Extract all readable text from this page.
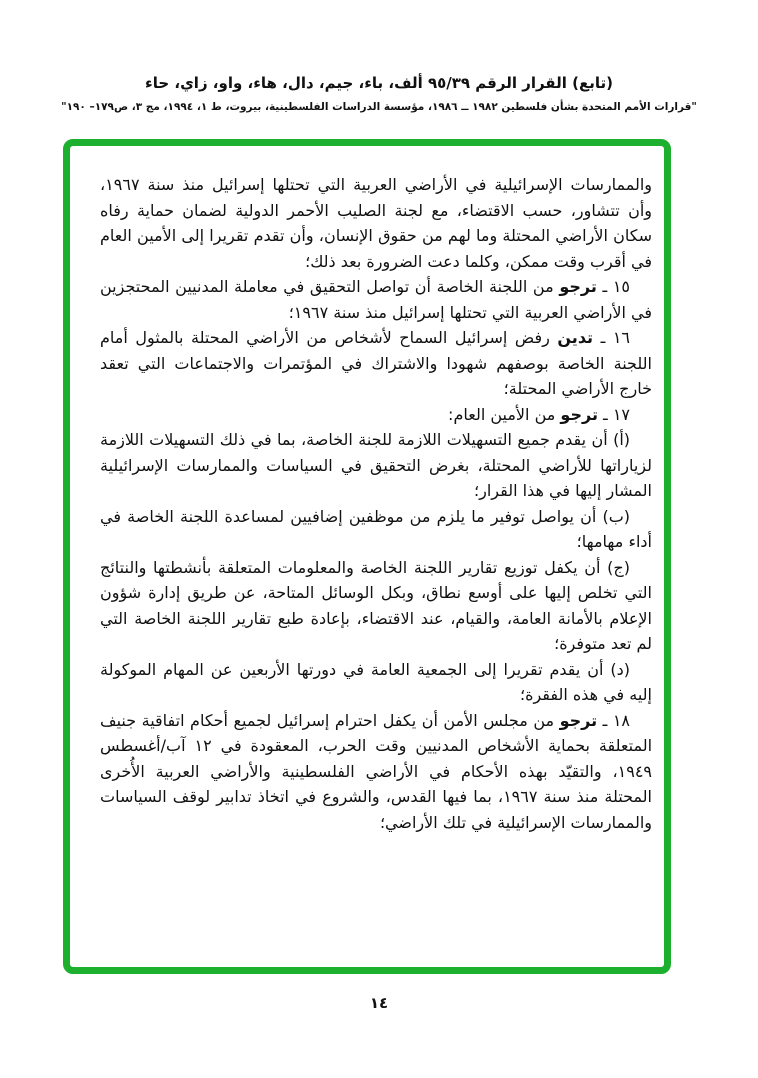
(تابع) القرار الرقم ٩٥/٣٩ ألف، باء، جيم، دال، هاء، واو، زاي، حاء
"قرارات الأمم المتحدة بشأن فلسطين ١٩٨٢ ــ ١٩٨٦، مؤسسة الدراسات الفلسطينية، بيروت، ط ١، ١٩٩٤، مج ٣، ص١٧٩– ١٩٠"

والممارسات الإسرائيلية في الأراضي العربية التي تحتلها إسرائيل منذ سنة ١٩٦٧، وأن تتشاور، حسب الاقتضاء، مع لجنة الصليب الأحمر الدولية لضمان حماية رفاه سكان الأراضي المحتلة وما لهم من حقوق الإنسان، وأن تقدم تقريرا إلى الأمين العام في أقرب وقت ممكن، وكلما دعت الضرورة بعد ذلك؛

١٥ ـ ترجو من اللجنة الخاصة أن تواصل التحقيق في معاملة المدنيين المحتجزين في الأراضي العربية التي تحتلها إسرائيل منذ سنة ١٩٦٧؛

١٦ ـ تدين رفض إسرائيل السماح لأشخاص من الأراضي المحتلة بالمثول أمام اللجنة الخاصة بوصفهم شهودا والاشتراك في المؤتمرات والاجتماعات التي تعقد خارج الأراضي المحتلة؛

١٧ ـ ترجو من الأمين العام:

(أ) أن يقدم جميع التسهيلات اللازمة للجنة الخاصة، بما في ذلك التسهيلات اللازمة لزياراتها للأراضي المحتلة، بغرض التحقيق في السياسات والممارسات الإسرائيلية المشار إليها في هذا القرار؛

(ب) أن يواصل توفير ما يلزم من موظفين إضافيين لمساعدة اللجنة الخاصة في أداء مهامها؛

(ج) أن يكفل توزيع تقارير اللجنة الخاصة والمعلومات المتعلقة بأنشطتها والنتائج التي تخلص إليها على أوسع نطاق، وبكل الوسائل المتاحة، عن طريق إدارة شؤون الإعلام بالأمانة العامة، والقيام، عند الاقتضاء، بإعادة طبع تقارير اللجنة الخاصة التي لم تعد متوفرة؛

(د) أن يقدم تقريرا إلى الجمعية العامة في دورتها الأربعين عن المهام الموكولة إليه في هذه الفقرة؛

١٨ ـ ترجو من مجلس الأمن أن يكفل احترام إسرائيل لجميع أحكام اتفاقية جنيف المتعلقة بحماية الأشخاص المدنيين وقت الحرب، المعقودة في ١٢ آب/أغسطس ١٩٤٩، والتقيّد بهذه الأحكام في الأراضي الفلسطينية والأراضي العربية الأُخرى المحتلة منذ سنة ١٩٦٧، بما فيها القدس، والشروع في اتخاذ تدابير لوقف السياسات والممارسات الإسرائيلية في تلك الأراضي؛

١٤
